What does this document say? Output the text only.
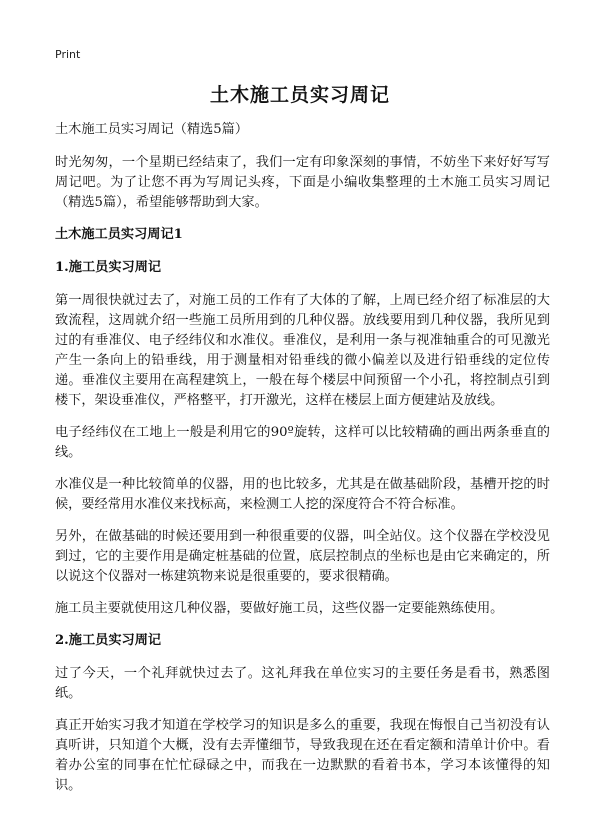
Print
土木施工员实习周记

土木施工员实习周记（精选5篇）

时光匆匆，一个星期已经结束了，我们一定有印象深刻的事情，不妨坐下来好好写写周记吧。为了让您不再为写周记头疼，下面是小编收集整理的土木施工员实习周记（精选5篇），希望能够帮助到大家。

土木施工员实习周记1
1.施工员实习周记

第一周很快就过去了，对施工员的工作有了大体的了解，上周已经介绍了标准层的大致流程，这周就介绍一些施工员所用到的几种仪器。放线要用到几种仪器，我所见到过的有垂准仪、电子经纬仪和水准仪。垂准仪，是利用一条与视准轴重合的可见激光产生一条向上的铅垂线，用于测量相对铅垂线的微小偏差以及进行铅垂线的定位传递。垂准仪主要用在高程建筑上，一般在每个楼层中间预留一个小孔，将控制点引到楼下，架设垂准仪，严格整平，打开激光，这样在楼层上面方便建站及放线。

电子经纬仪在工地上一般是利用它的90º旋转，这样可以比较精确的画出两条垂直的线。

水准仪是一种比较简单的仪器，用的也比较多，尤其是在做基础阶段，基槽开挖的时候，要经常用水准仪来找标高，来检测工人挖的深度符合不符合标准。

另外，在做基础的时候还要用到一种很重要的仪器，叫全站仪。这个仪器在学校没见到过，它的主要作用是确定桩基础的位置，底层控制点的坐标也是由它来确定的，所以说这个仪器对一栋建筑物来说是很重要的，要求很精确。

施工员主要就使用这几种仪器，要做好施工员，这些仪器一定要能熟练使用。

2.施工员实习周记

过了今天，一个礼拜就快过去了。这礼拜我在单位实习的主要任务是看书，熟悉图纸。

真正开始实习我才知道在学校学习的知识是多么的重要，我现在悔恨自己当初没有认真听讲，只知道个大概，没有去弄懂细节，导致我现在还在看定额和清单计价中。看着办公室的同事在忙忙碌碌之中，而我在一边默默的看着书本，学习本该懂得的知识。
